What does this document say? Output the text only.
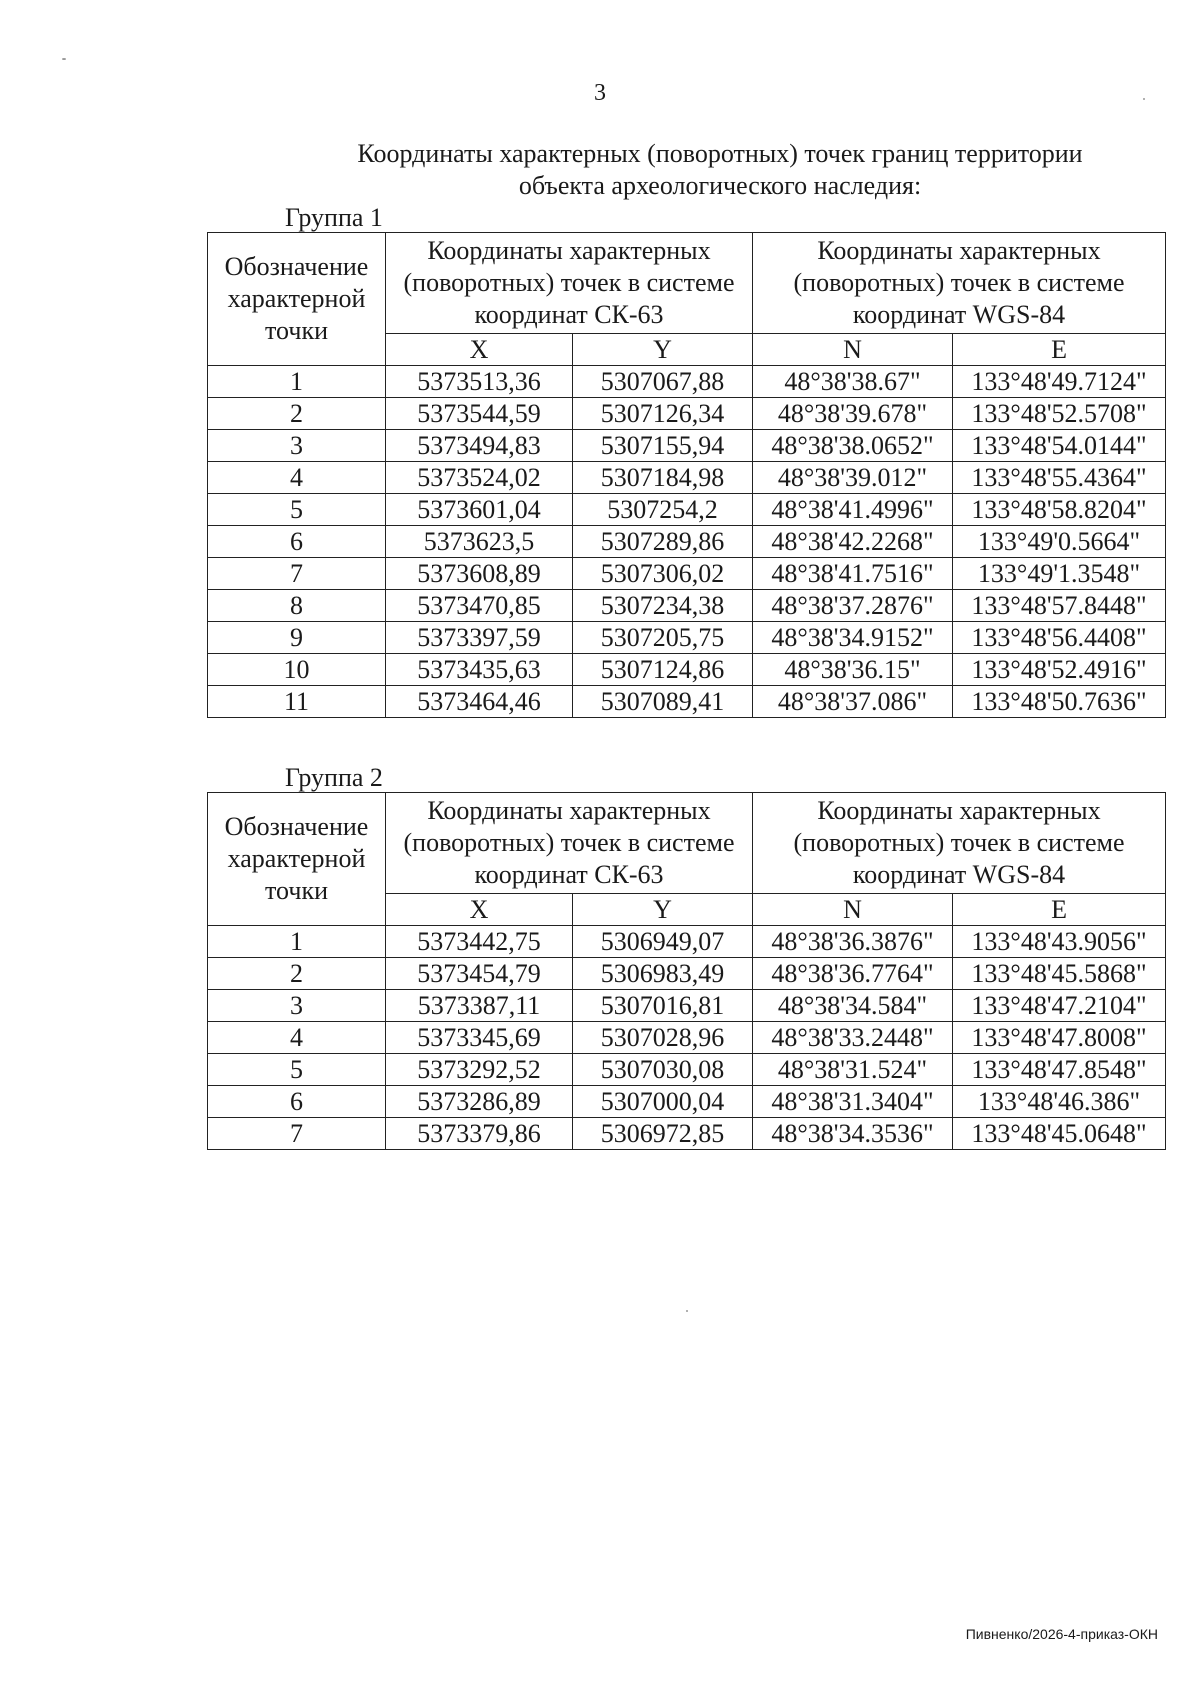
3
Координаты характерных (поворотных) точек границ территории
объекта археологического наследия:
Группа 1
Обозначение характерной точки	Координаты характерных (поворотных) точек в системе координат СК-63		Координаты характерных (поворотных) точек в системе координат WGS-84	
	X	Y	N	E
1	5373513,36	5307067,88	48°38'38.67"	133°48'49.7124"
2	5373544,59	5307126,34	48°38'39.678"	133°48'52.5708"
3	5373494,83	5307155,94	48°38'38.0652"	133°48'54.0144"
4	5373524,02	5307184,98	48°38'39.012"	133°48'55.4364"
5	5373601,04	5307254,2	48°38'41.4996"	133°48'58.8204"
6	5373623,5	5307289,86	48°38'42.2268"	133°49'0.5664"
7	5373608,89	5307306,02	48°38'41.7516"	133°49'1.3548"
8	5373470,85	5307234,38	48°38'37.2876"	133°48'57.8448"
9	5373397,59	5307205,75	48°38'34.9152"	133°48'56.4408"
10	5373435,63	5307124,86	48°38'36.15"	133°48'52.4916"
11	5373464,46	5307089,41	48°38'37.086"	133°48'50.7636"
Группа 2
Обозначение характерной точки	Координаты характерных (поворотных) точек в системе координат СК-63		Координаты характерных (поворотных) точек в системе координат WGS-84	
	X	Y	N	E
1	5373442,75	5306949,07	48°38'36.3876"	133°48'43.9056"
2	5373454,79	5306983,49	48°38'36.7764"	133°48'45.5868"
3	5373387,11	5307016,81	48°38'34.584"	133°48'47.2104"
4	5373345,69	5307028,96	48°38'33.2448"	133°48'47.8008"
5	5373292,52	5307030,08	48°38'31.524"	133°48'47.8548"
6	5373286,89	5307000,04	48°38'31.3404"	133°48'46.386"
7	5373379,86	5306972,85	48°38'34.3536"	133°48'45.0648"
Пивненко/2026-4-приказ-ОКН
